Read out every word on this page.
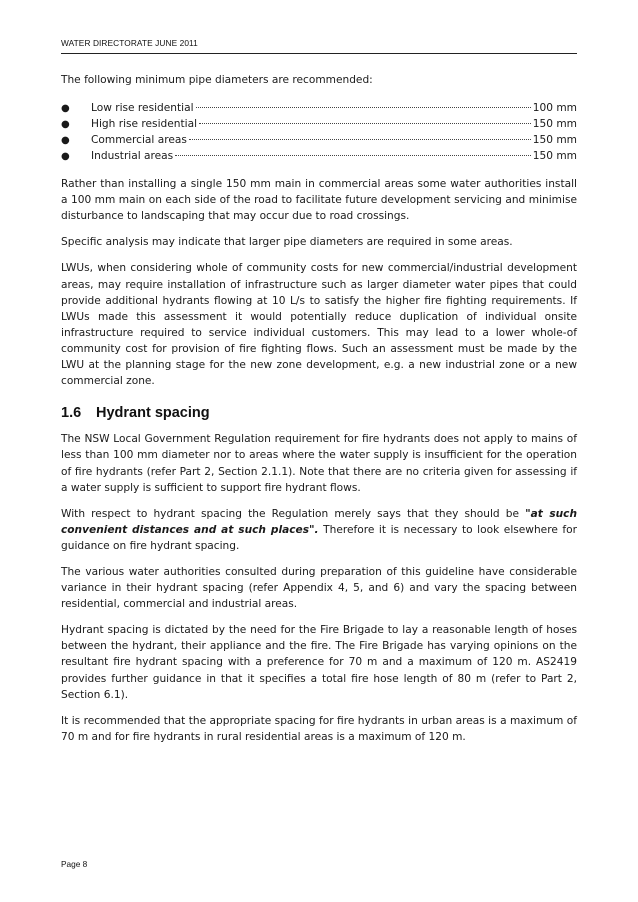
WATER DIRECTORATE JUNE 2011

The following minimum pipe diameters are recommended:

●	Low rise residential	100 mm
●	High rise residential	150 mm
●	Commercial areas	150 mm
●	Industrial areas	150 mm

Rather than installing a single 150 mm main in commercial areas some water authorities install a 100 mm main on each side of the road to facilitate future development servicing and minimise disturbance to landscaping that may occur due to road crossings.

Specific analysis may indicate that larger pipe diameters are required in some areas.

LWUs, when considering whole of community costs for new commercial/industrial development areas, may require installation of infrastructure such as larger diameter water pipes that could provide additional hydrants flowing at 10 L/s to satisfy the higher fire fighting requirements. If LWUs made this assessment it would potentially reduce duplication of individual onsite infrastructure required to service individual customers. This may lead to a lower whole-of community cost for provision of fire fighting flows. Such an assessment must be made by the LWU at the planning stage for the new zone development, e.g. a new industrial zone or a new commercial zone.

1.6	Hydrant spacing

The NSW Local Government Regulation requirement for fire hydrants does not apply to mains of less than 100 mm diameter nor to areas where the water supply is insufficient for the operation of fire hydrants (refer Part 2, Section 2.1.1). Note that there are no criteria given for assessing if a water supply is sufficient to support fire hydrant flows.

With respect to hydrant spacing the Regulation merely says that they should be "at such convenient distances and at such places". Therefore it is necessary to look elsewhere for guidance on fire hydrant spacing.

The various water authorities consulted during preparation of this guideline have considerable variance in their hydrant spacing (refer Appendix 4, 5, and 6) and vary the spacing between residential, commercial and industrial areas.

Hydrant spacing is dictated by the need for the Fire Brigade to lay a reasonable length of hoses between the hydrant, their appliance and the fire. The Fire Brigade has varying opinions on the resultant fire hydrant spacing with a preference for 70 m and a maximum of 120 m. AS2419 provides further guidance in that it specifies a total fire hose length of 80 m (refer to Part 2, Section 6.1).

It is recommended that the appropriate spacing for fire hydrants in urban areas is a maximum of 70 m and for fire hydrants in rural residential areas is a maximum of 120 m.

Page 8
